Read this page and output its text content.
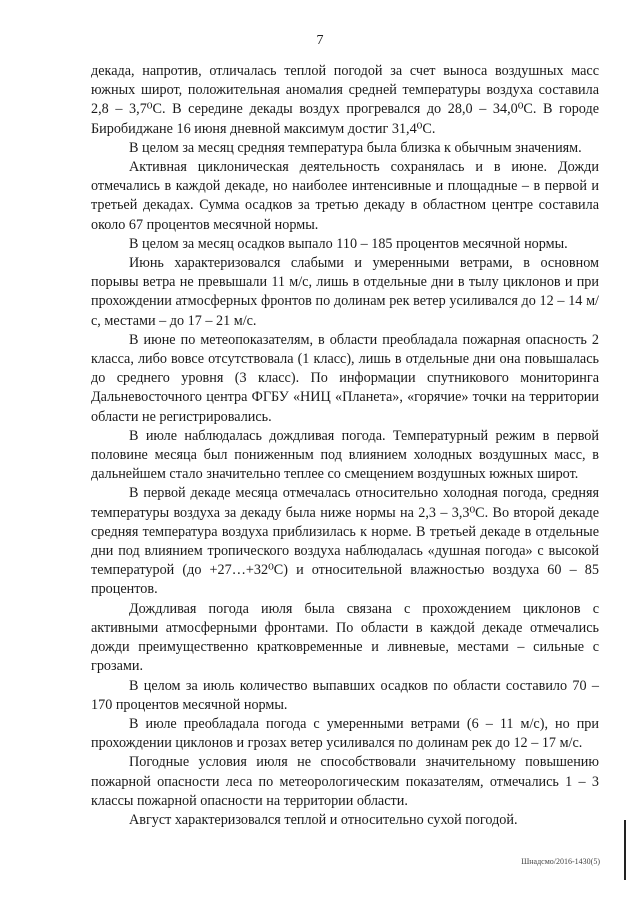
7

декада, напротив, отличалась теплой погодой за счет выноса воздушных масс южных широт, положительная аномалия средней температуры воздуха составила 2,8 – 3,7⁰С. В середине декады воздух прогревался до 28,0 – 34,0⁰С. В городе Биробиджане 16 июня дневной максимум достиг 31,4⁰С.

В целом за месяц средняя температура была близка к обычным значениям.

Активная циклоническая деятельность сохранялась и в июне. Дожди отмечались в каждой декаде, но наиболее интенсивные и площадные – в первой и третьей декадах. Сумма осадков за третью декаду в областном центре составила около 67 процентов месячной нормы.

В целом за месяц осадков выпало 110 – 185 процентов месячной нормы.

Июнь характеризовался слабыми и умеренными ветрами, в основном порывы ветра не превышали 11 м/с, лишь в отдельные дни в тылу циклонов и при прохождении атмосферных фронтов по долинам рек ветер усиливался до 12 – 14 м/с, местами – до 17 – 21 м/с.

В июне по метеопоказателям, в области преобладала пожарная опасность 2 класса, либо вовсе отсутствовала (1 класс), лишь в отдельные дни она повышалась до среднего уровня (3 класс). По информации спутникового мониторинга Дальневосточного центра ФГБУ «НИЦ «Планета», «горячие» точки на территории области не регистрировались.

В июле наблюдалась дождливая погода. Температурный режим в первой половине месяца был пониженным под влиянием холодных воздушных масс, в дальнейшем стало значительно теплее со смещением воздушных южных широт.

В первой декаде месяца отмечалась относительно холодная погода, средняя температуры воздуха за декаду была ниже нормы на 2,3 – 3,3⁰С. Во второй декаде средняя температура воздуха приблизилась к норме. В третьей декаде в отдельные дни под влиянием тропического воздуха наблюдалась «душная погода» с высокой температурой (до +27…+32⁰С) и относительной влажностью воздуха 60 – 85 процентов.

Дождливая погода июля была связана с прохождением циклонов с активными атмосферными фронтами. По области в каждой декаде отмечались дожди преимущественно кратковременные и ливневые, местами – сильные с грозами.

В целом за июль количество выпавших осадков по области составило 70 – 170 процентов месячной нормы.

В июле преобладала погода с умеренными ветрами (6 – 11 м/с), но при прохождении циклонов и грозах ветер усиливался по долинам рек до 12 – 17 м/с.

Погодные условия июля не способствовали значительному повышению пожарной опасности леса по метеорологическим показателям, отмечались 1 – 3 классы пожарной опасности на территории области.

Август характеризовался теплой и относительно сухой погодой.

Шнадсмо/2016-1430(5)
